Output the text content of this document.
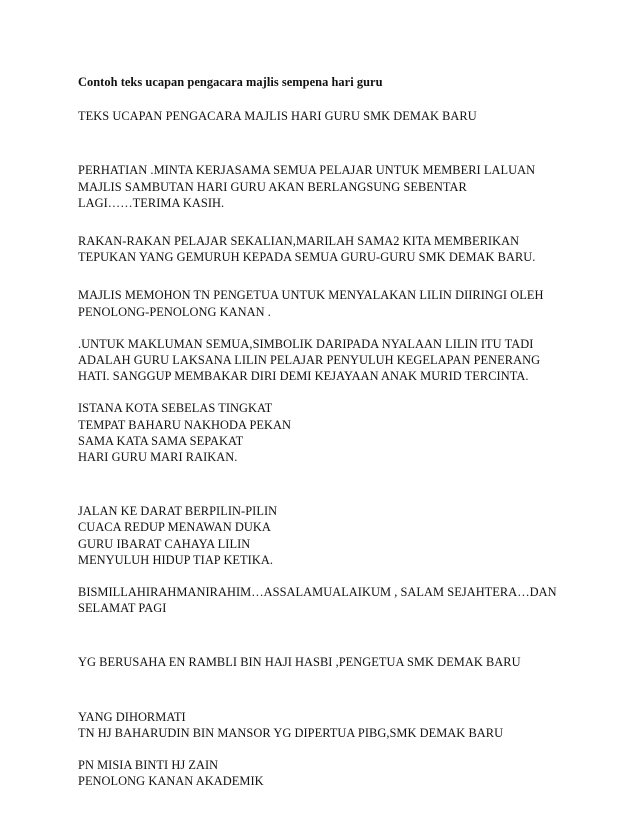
Contoh teks ucapan pengacara majlis sempena hari guru

TEKS UCAPAN PENGACARA MAJLIS HARI GURU SMK DEMAK BARU

PERHATIAN .MINTA KERJASAMA SEMUA PELAJAR UNTUK MEMBERI LALUAN
MAJLIS SAMBUTAN HARI GURU AKAN BERLANGSUNG SEBENTAR
LAGI……TERIMA KASIH.

RAKAN-RAKAN PELAJAR SEKALIAN,MARILAH SAMA2 KITA MEMBERIKAN
TEPUKAN YANG GEMURUH KEPADA SEMUA GURU-GURU SMK DEMAK BARU.

MAJLIS MEMOHON TN PENGETUA UNTUK MENYALAKAN LILIN DIIRINGI OLEH
PENOLONG-PENOLONG KANAN .

.UNTUK MAKLUMAN SEMUA,SIMBOLIK DARIPADA NYALAAN LILIN ITU TADI
ADALAH GURU LAKSANA LILIN PELAJAR PENYULUH KEGELAPAN PENERANG
HATI. SANGGUP MEMBAKAR DIRI DEMI KEJAYAAN ANAK MURID TERCINTA.

ISTANA KOTA SEBELAS TINGKAT
TEMPAT BAHARU NAKHODA PEKAN
SAMA KATA SAMA SEPAKAT
HARI GURU MARI RAIKAN.

JALAN KE DARAT BERPILIN-PILIN
CUACA REDUP MENAWAN DUKA
GURU IBARAT CAHAYA LILIN
MENYULUH HIDUP TIAP KETIKA.

BISMILLAHIRAHMANIRAHIM…ASSALAMUALAIKUM , SALAM SEJAHTERA…DAN
SELAMAT PAGI

YG BERUSAHA EN RAMBLI BIN HAJI HASBI ,PENGETUA SMK DEMAK BARU

YANG DIHORMATI
TN HJ BAHARUDIN BIN MANSOR YG DIPERTUA PIBG,SMK DEMAK BARU

PN MISIA BINTI HJ ZAIN
PENOLONG KANAN AKADEMIK
